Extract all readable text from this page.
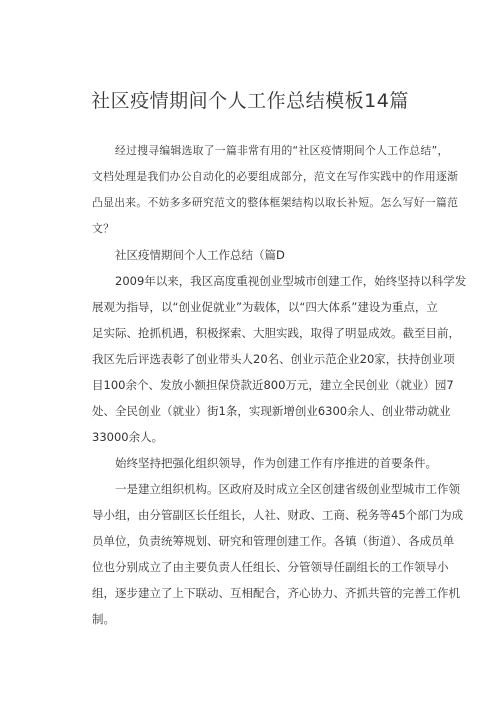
社区疫情期间个人工作总结模板14篇
经过搜寻编辑选取了一篇非常有用的“社区疫情期间个人工作总结”，
文档处理是我们办公自动化的必要组成部分，范文在写作实践中的作用逐渐
凸显出来。不妨多多研究范文的整体框架结构以取长补短。怎么写好一篇范
文？
社区疫情期间个人工作总结（篇D
2009年以来，我区高度重视创业型城市创建工作，始终坚持以科学发
展观为指导，以“创业促就业”为载体，以“四大体系”建设为重点，立
足实际、抢抓机遇，积极探索、大胆实践，取得了明显成效。截至目前，
我区先后评选表彰了创业带头人20名、创业示范企业20家，扶持创业项
目100余个、发放小额担保贷款近800万元，建立全民创业（就业）园7
处、全民创业（就业）街1条，实现新增创业6300余人、创业带动就业
33000余人。
始终坚持把强化组织领导，作为创建工作有序推进的首要条件。
一是建立组织机构。区政府及时成立全区创建省级创业型城市工作领
导小组，由分管副区长任组长，人社、财政、工商、税务等45个部门为成
员单位，负责统筹规划、研究和管理创建工作。各镇（街道）、各成员单
位也分别成立了由主要负责人任组长、分管领导任副组长的工作领导小
组，逐步建立了上下联动、互相配合，齐心协力、齐抓共管的完善工作机
制。
